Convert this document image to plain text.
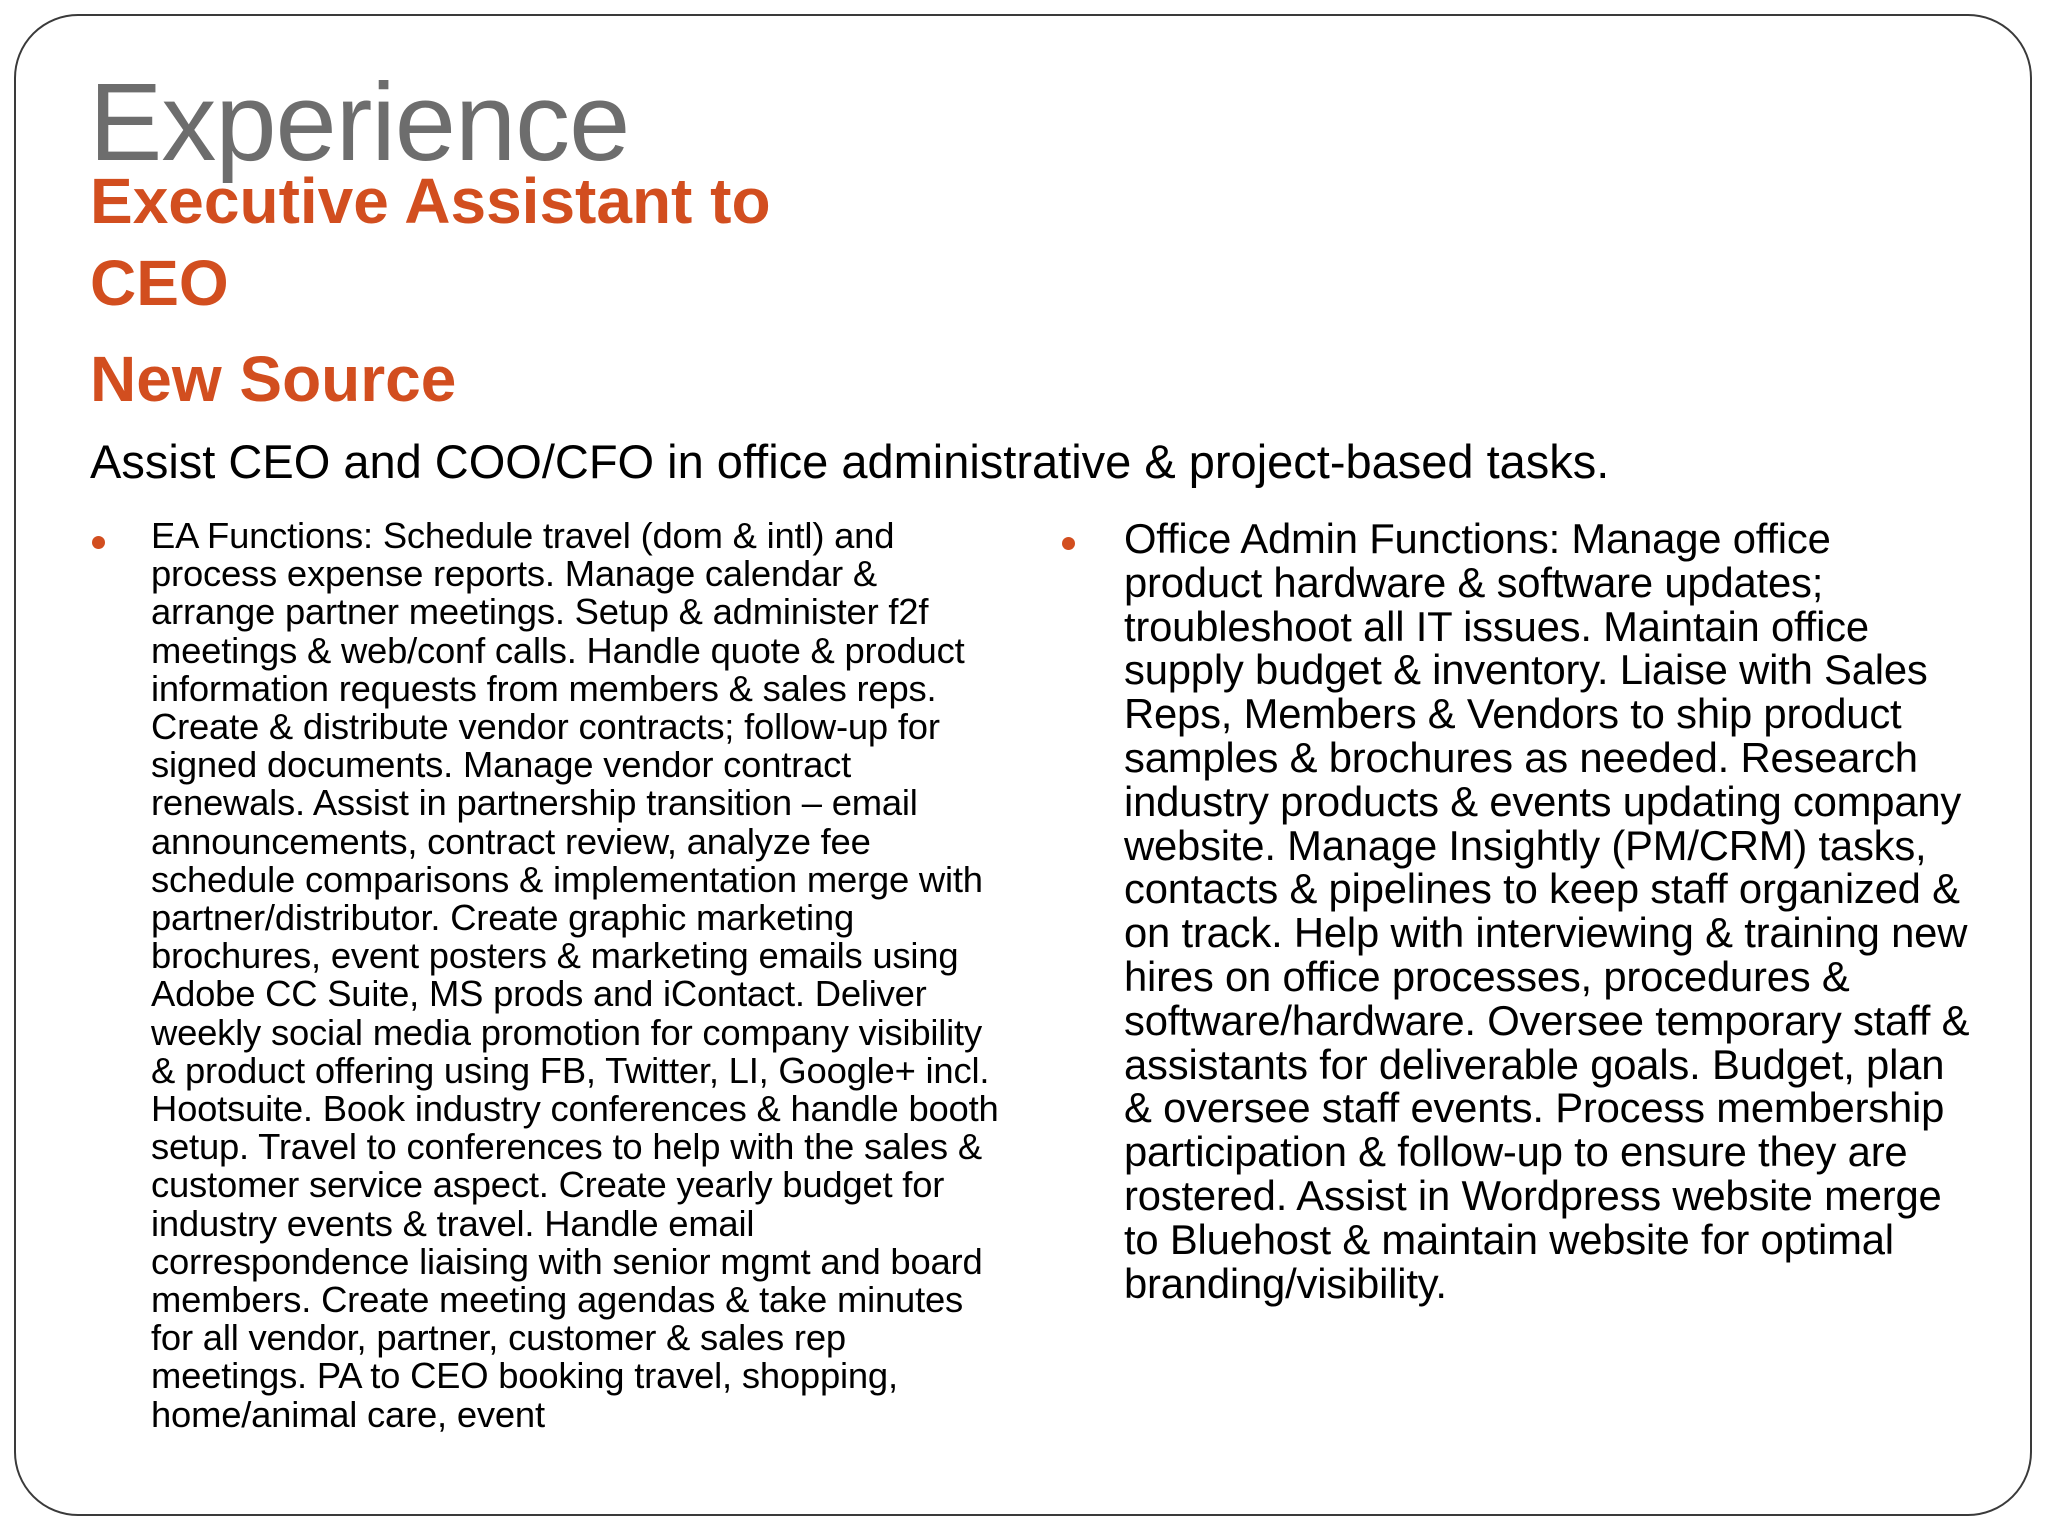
Experience
Executive Assistant to
CEO
New Source

Assist CEO and COO/CFO in office administrative & project-based tasks.

EA Functions: Schedule travel (dom & intl) and process expense reports. Manage calendar & arrange partner meetings. Setup & administer f2f meetings & web/conf calls. Handle quote & product information requests from members & sales reps. Create & distribute vendor contracts; follow-up for signed documents. Manage vendor contract renewals. Assist in partnership transition – email announcements, contract review, analyze fee schedule comparisons & implementation merge with partner/distributor. Create graphic marketing brochures, event posters & marketing emails using Adobe CC Suite, MS prods and iContact. Deliver weekly social media promotion for company visibility & product offering using FB, Twitter, LI, Google+ incl. Hootsuite. Book industry conferences & handle booth setup. Travel to conferences to help with the sales & customer service aspect. Create yearly budget for industry events & travel. Handle email correspondence liaising with senior mgmt and board members. Create meeting agendas & take minutes for all vendor, partner, customer & sales rep meetings. PA to CEO booking travel, shopping, home/animal care, event
Office Admin Functions: Manage office product hardware & software updates; troubleshoot all IT issues. Maintain office supply budget & inventory. Liaise with Sales Reps, Members & Vendors to ship product samples & brochures as needed. Research industry products & events updating company website. Manage Insightly (PM/CRM) tasks, contacts & pipelines to keep staff organized & on track. Help with interviewing & training new hires on office processes, procedures & software/hardware. Oversee temporary staff & assistants for deliverable goals. Budget, plan & oversee staff events. Process membership participation & follow-up to ensure they are rostered. Assist in Wordpress website merge to Bluehost & maintain website for optimal branding/visibility.
